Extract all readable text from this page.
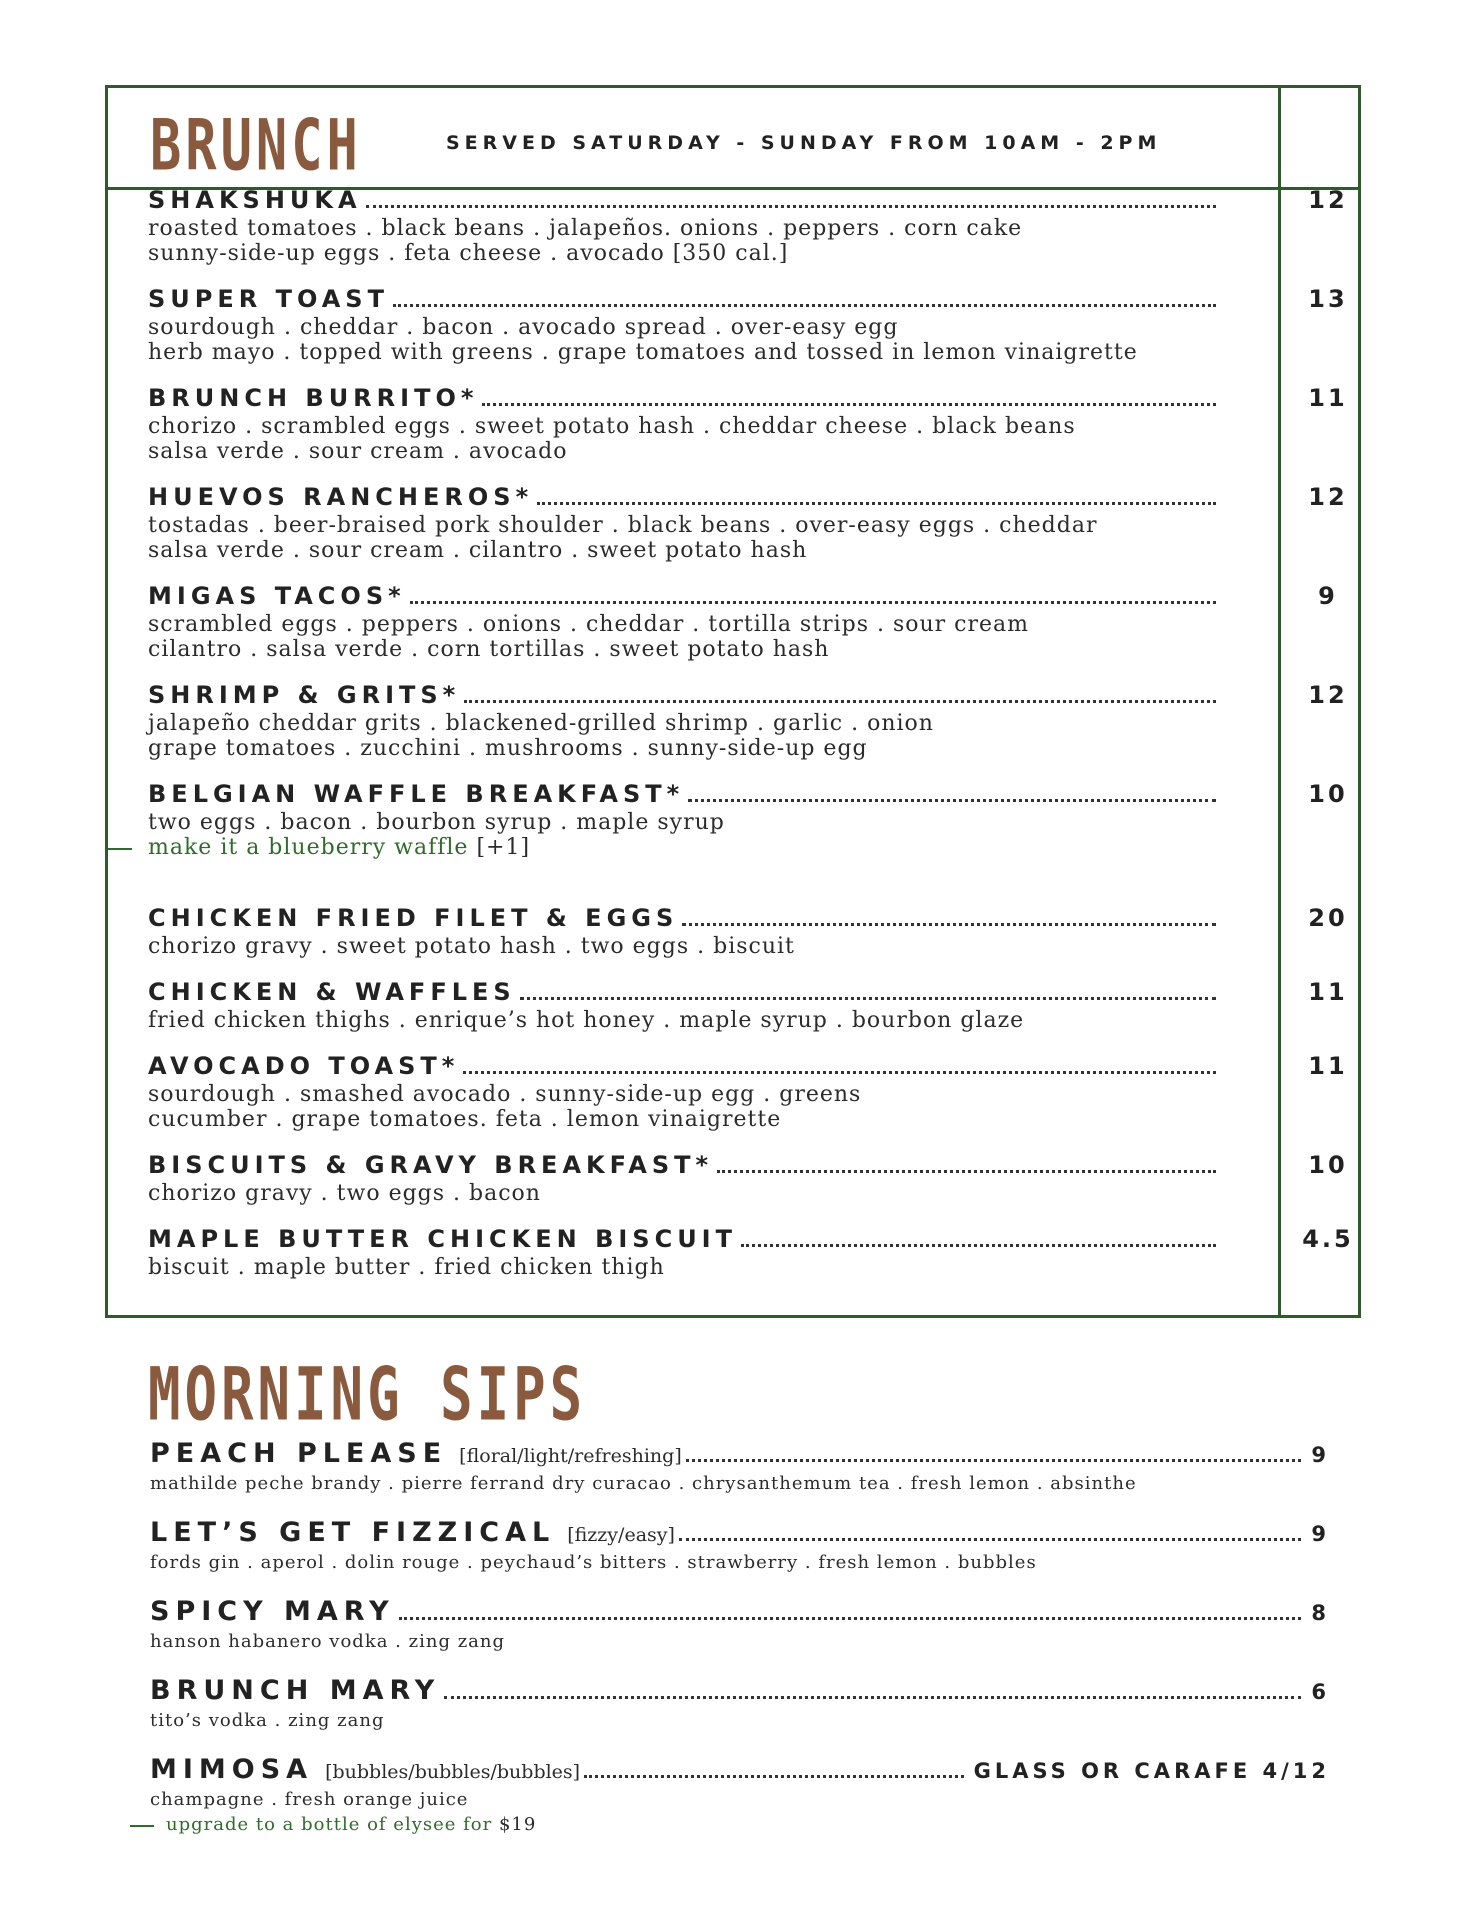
BRUNCH	SERVED SATURDAY - SUNDAY FROM 10AM - 2PM
SHAKSHUKA	12
roasted tomatoes . black beans . jalapeños. onions . peppers . corn cake
sunny-side-up eggs . feta cheese . avocado [350 cal.]
SUPER TOAST	13
sourdough . cheddar . bacon . avocado spread . over-easy egg
herb mayo . topped with greens . grape tomatoes and tossed in lemon vinaigrette
BRUNCH BURRITO*	11
chorizo . scrambled eggs . sweet potato hash . cheddar cheese . black beans
salsa verde . sour cream . avocado
HUEVOS RANCHEROS*	12
tostadas . beer-braised pork shoulder . black beans . over-easy eggs . cheddar
salsa verde . sour cream . cilantro . sweet potato hash
MIGAS TACOS*	9
scrambled eggs . peppers . onions . cheddar . tortilla strips . sour cream
cilantro . salsa verde . corn tortillas . sweet potato hash
SHRIMP & GRITS*	12
jalapeño cheddar grits . blackened-grilled shrimp . garlic . onion
grape tomatoes . zucchini . mushrooms . sunny-side-up egg
BELGIAN WAFFLE BREAKFAST*	10
two eggs . bacon . bourbon syrup . maple syrup
make it a blueberry waffle [+1]
CHICKEN FRIED FILET & EGGS	20
chorizo gravy . sweet potato hash . two eggs . biscuit
CHICKEN & WAFFLES	11
fried chicken thighs . enrique’s hot honey . maple syrup . bourbon glaze
AVOCADO TOAST*	11
sourdough . smashed avocado . sunny-side-up egg . greens
cucumber . grape tomatoes. feta . lemon vinaigrette
BISCUITS & GRAVY BREAKFAST*	10
chorizo gravy . two eggs . bacon
MAPLE BUTTER CHICKEN BISCUIT	4.5
biscuit . maple butter . fried chicken thigh
MORNING SIPS
PEACH PLEASE [floral/light/refreshing]	9
mathilde peche brandy . pierre ferrand dry curacao . chrysanthemum tea . fresh lemon . absinthe
LET’S GET FIZZICAL [fizzy/easy]	9
fords gin . aperol . dolin rouge . peychaud’s bitters . strawberry . fresh lemon . bubbles
SPICY MARY	8
hanson habanero vodka . zing zang
BRUNCH MARY	6
tito’s vodka . zing zang
MIMOSA [bubbles/bubbles/bubbles]	GLASS OR CARAFE 4/12
champagne . fresh orange juice
upgrade to a bottle of elysee for $19
